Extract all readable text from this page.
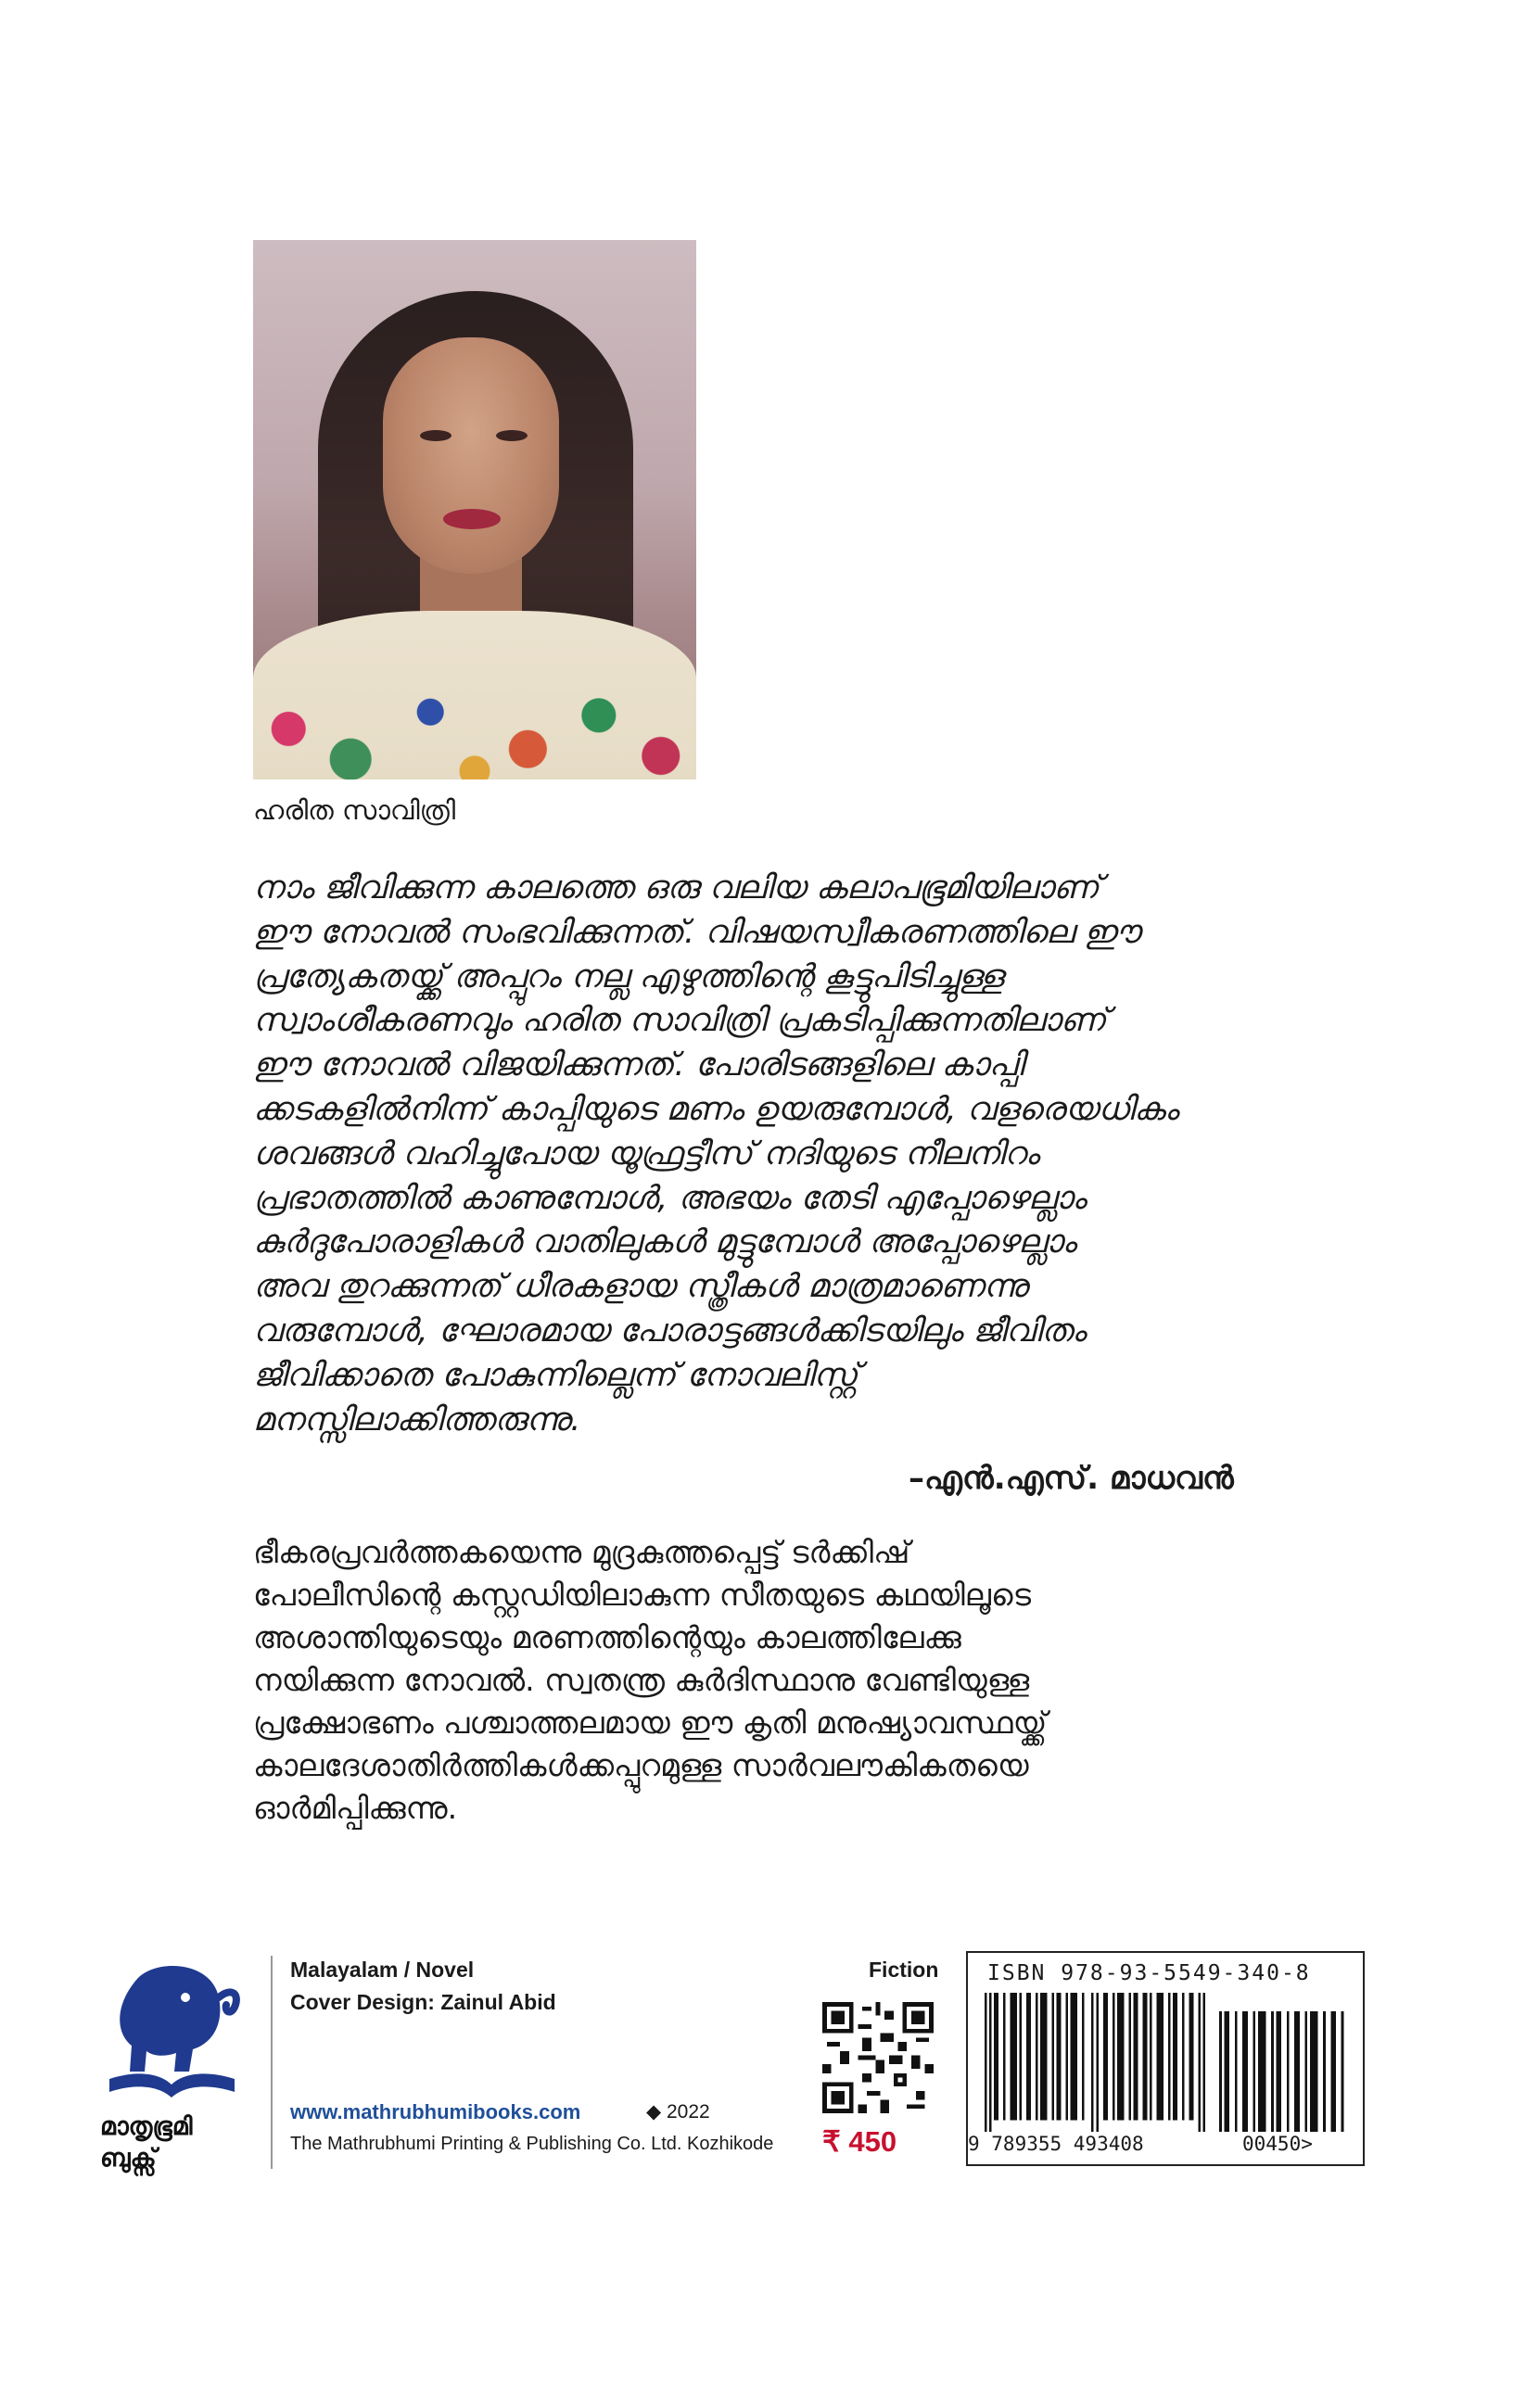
ഹരിത സാവിത്രി
നാം ജീവിക്കുന്ന കാലത്തെ ഒരു വലിയ കലാപഭൂമിയിലാണ്
ഈ നോവൽ സംഭവിക്കുന്നത്. വിഷയസ്വീകരണത്തിലെ ഈ
പ്രത്യേകതയ്ക്ക് അപ്പുറം നല്ല എഴുത്തിന്റെ കൂട്ടുപിടിച്ചുള്ള
സ്വാംശീകരണവും ഹരിത സാവിത്രി പ്രകടിപ്പിക്കുന്നതിലാണ്
ഈ നോവൽ വിജയിക്കുന്നത്. പോരിടങ്ങളിലെ കാപ്പി
ക്കടകളിൽനിന്ന് കാപ്പിയുടെ മണം ഉയരുമ്പോൾ, വളരെയധികം
ശവങ്ങൾ വഹിച്ചുപോയ യൂഫ്രട്ടീസ് നദിയുടെ നീലനിറം
പ്രഭാതത്തിൽ കാണുമ്പോൾ, അഭയം തേടി എപ്പോഴെല്ലാം
കുർദുപോരാളികൾ വാതിലുകൾ മുട്ടുമ്പോൾ അപ്പോഴെല്ലാം
അവ തുറക്കുന്നത് ധീരകളായ സ്ത്രീകൾ മാത്രമാണെന്നു
വരുമ്പോൾ, ഘോരമായ പോരാട്ടങ്ങൾക്കിടയിലും ജീവിതം
ജീവിക്കാതെ പോകുന്നില്ലെന്ന് നോവലിസ്റ്റ്
മനസ്സിലാക്കിത്തരുന്നു.
–എൻ.എസ്. മാധവൻ
ഭീകരപ്രവർത്തകയെന്നു മുദ്രകുത്തപ്പെട്ട് ടർക്കിഷ്
പോലീസിന്റെ കസ്റ്റഡിയിലാകുന്ന സീതയുടെ കഥയിലൂടെ
അശാന്തിയുടെയും മരണത്തിന്റെയും കാലത്തിലേക്കു
നയിക്കുന്ന നോവൽ. സ്വതന്ത്ര കുർദിസ്ഥാനു വേണ്ടിയുള്ള
പ്രക്ഷോഭണം പശ്ചാത്തലമായ ഈ കൃതി മനുഷ്യാവസ്ഥയ്ക്ക്
കാലദേശാതിർത്തികൾക്കപ്പുറമുള്ള സാർവലൗകികതയെ
ഓർമിപ്പിക്കുന്നു.
മാതൃഭൂമി
ബുക്സ്
Malayalam / Novel
Cover Design: Zainul Abid
www.mathrubhumibooks.com	◆ 2022
The Mathrubhumi Printing & Publishing Co. Ltd. Kozhikode
Fiction
₹ 450
ISBN 978-93-5549-340-8
9 789355 493408	00450>
